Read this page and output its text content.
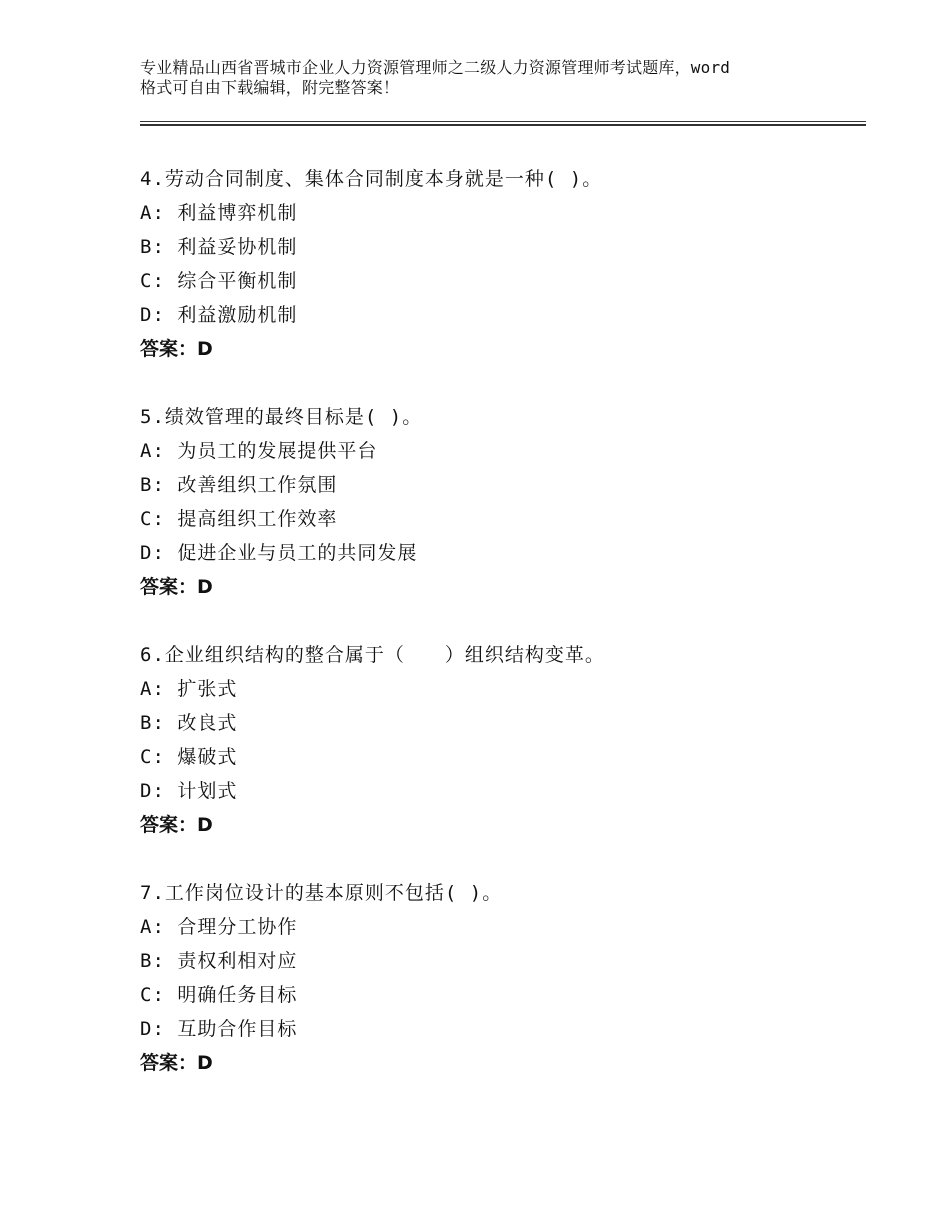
专业精品山西省晋城市企业人力资源管理师之二级人力资源管理师考试题库，word
格式可自由下载编辑，附完整答案！
4.劳动合同制度、集体合同制度本身就是一种( )。
A: 利益博弈机制
B: 利益妥协机制
C: 综合平衡机制
D: 利益激励机制
答案：D
5.绩效管理的最终目标是( )。
A: 为员工的发展提供平台
B: 改善组织工作氛围
C: 提高组织工作效率
D: 促进企业与员工的共同发展
答案：D
6.企业组织结构的整合属于（　　）组织结构变革。
A: 扩张式
B: 改良式
C: 爆破式
D: 计划式
答案：D
7.工作岗位设计的基本原则不包括( )。
A: 合理分工协作
B: 责权利相对应
C: 明确任务目标
D: 互助合作目标
答案：D
